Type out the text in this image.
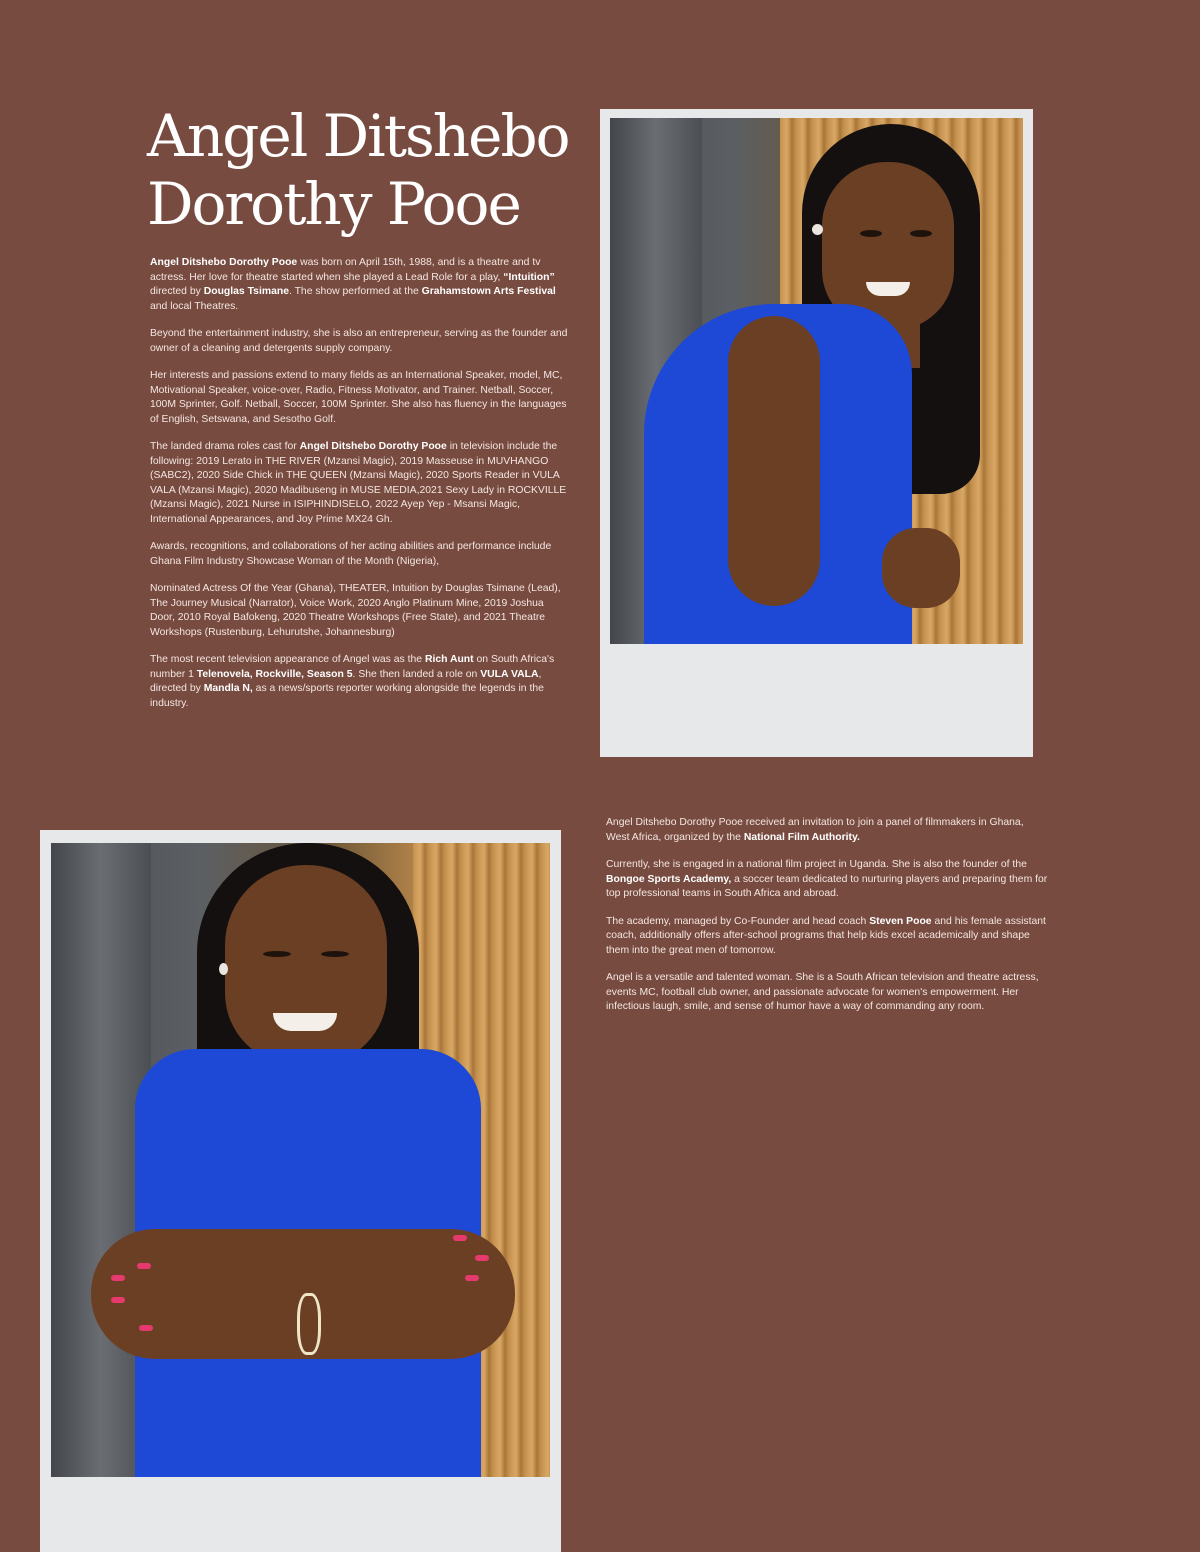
Angel Ditshebo
Dorothy Pooe

Angel Ditshebo Dorothy Pooe was born on April 15th, 1988, and is a theatre and tv actress. Her love for theatre started when she played a Lead Role for a play, “Intuition” directed by Douglas Tsimane. The show performed at the Grahamstown Arts Festival and local Theatres.

Beyond the entertainment industry, she is also an entrepreneur, serving as the founder and owner of a cleaning and detergents supply company.

Her interests and passions extend to many fields as an International Speaker, model, MC, Motivational Speaker, voice-over, Radio, Fitness Motivator, and Trainer. Netball, Soccer, 100M Sprinter, Golf. Netball, Soccer, 100M Sprinter. She also has fluency in the languages of English, Setswana, and Sesotho Golf.

The landed drama roles cast for Angel Ditshebo Dorothy Pooe in television include the following: 2019 Lerato in THE RIVER (Mzansi Magic), 2019 Masseuse in MUVHANGO (SABC2), 2020 Side Chick in THE QUEEN (Mzansi Magic), 2020 Sports Reader in VULA VALA (Mzansi Magic), 2020 Madibuseng in MUSE MEDIA,2021 Sexy Lady in ROCKVILLE (Mzansi Magic), 2021 Nurse in ISIPHINDISELO, 2022 Ayep Yep - Msansi Magic, International Appearances, and Joy Prime MX24 Gh.

Awards, recognitions, and collaborations of her acting abilities and performance include Ghana Film Industry Showcase Woman of the Month (Nigeria),

Nominated Actress Of the Year (Ghana), THEATER, Intuition by Douglas Tsimane (Lead), The Journey Musical (Narrator), Voice Work, 2020 Anglo Platinum Mine, 2019 Joshua Door, 2010 Royal Bafokeng, 2020 Theatre Workshops (Free State), and 2021 Theatre Workshops (Rustenburg, Lehurutshe, Johannesburg)

The most recent television appearance of Angel was as the Rich Aunt on South Africa's number 1 Telenovela, Rockville, Season 5. She then landed a role on VULA VALA, directed by Mandla N, as a news/sports reporter working alongside the legends in the industry.

Angel Ditshebo Dorothy Pooe received an invitation to join a panel of filmmakers in Ghana, West Africa, organized by the National Film Authority.

Currently, she is engaged in a national film project in Uganda. She is also the founder of the Bongoe Sports Academy, a soccer team dedicated to nurturing players and preparing them for top professional teams in South Africa and abroad.

The academy, managed by Co-Founder and head coach Steven Pooe and his female assistant coach, additionally offers after-school programs that help kids excel academically and shape them into the great men of tomorrow.

Angel is a versatile and talented woman. She is a South African television and theatre actress, events MC, football club owner, and passionate advocate for women's empowerment. Her infectious laugh, smile, and sense of humor have a way of commanding any room.
